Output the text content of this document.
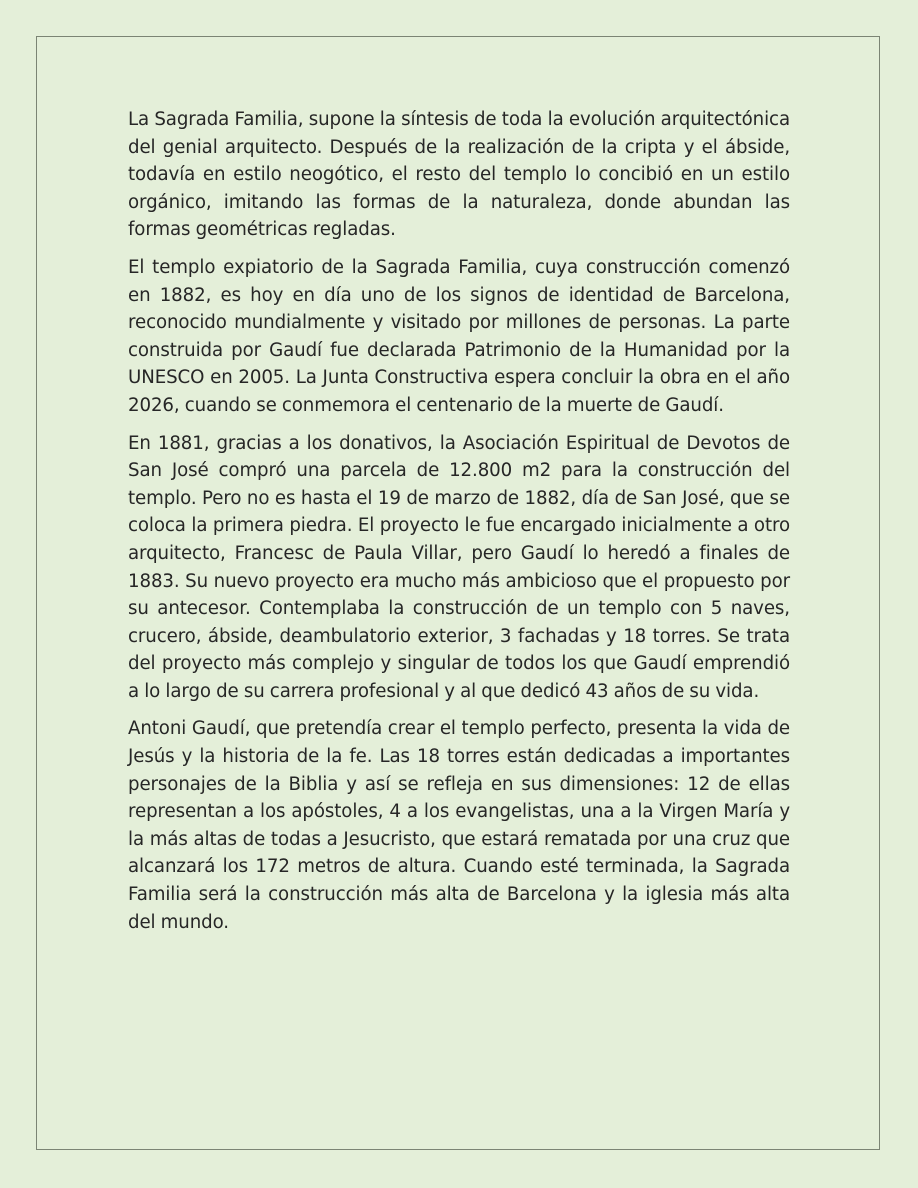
La Sagrada Familia, supone la síntesis de toda la evolución arquitectónica del genial arquitecto. Después de la realización de la cripta y el ábside, todavía en estilo neogótico, el resto del templo lo concibió en un estilo orgánico, imitando las formas de la naturaleza, donde abundan las formas geométricas regladas.

El templo expiatorio de la Sagrada Familia, cuya construcción comenzó en 1882, es hoy en día uno de los signos de identidad de Barcelona, reconocido mundialmente y visitado por millones de personas. La parte construida por Gaudí fue declarada Patrimonio de la Humanidad por la UNESCO en 2005. La Junta Constructiva espera concluir la obra en el año 2026, cuando se conmemora el centenario de la muerte de Gaudí.

En 1881, gracias a los donativos, la Asociación Espiritual de Devotos de San José compró una parcela de 12.800 m2 para la construcción del templo. Pero no es hasta el 19 de marzo de 1882, día de San José, que se coloca la primera piedra. El proyecto le fue encargado inicialmente a otro arquitecto, Francesc de Paula Villar, pero Gaudí lo heredó a finales de 1883. Su nuevo proyecto era mucho más ambicioso que el propuesto por su antecesor. Contemplaba la construcción de un templo con 5 naves, crucero, ábside, deambulatorio exterior, 3 fachadas y 18 torres. Se trata del proyecto más complejo y singular de todos los que Gaudí emprendió a lo largo de su carrera profesional y al que dedicó 43 años de su vida.

Antoni Gaudí, que pretendía crear el templo perfecto, presenta la vida de Jesús y la historia de la fe. Las 18 torres están dedicadas a importantes personajes de la Biblia y así se refleja en sus dimensiones: 12 de ellas representan a los apóstoles, 4 a los evangelistas, una a la Virgen María y la más altas de todas a Jesucristo, que estará rematada por una cruz que alcanzará los 172 metros de altura. Cuando esté terminada, la Sagrada Familia será la construcción más alta de Barcelona y la iglesia más alta del mundo.
